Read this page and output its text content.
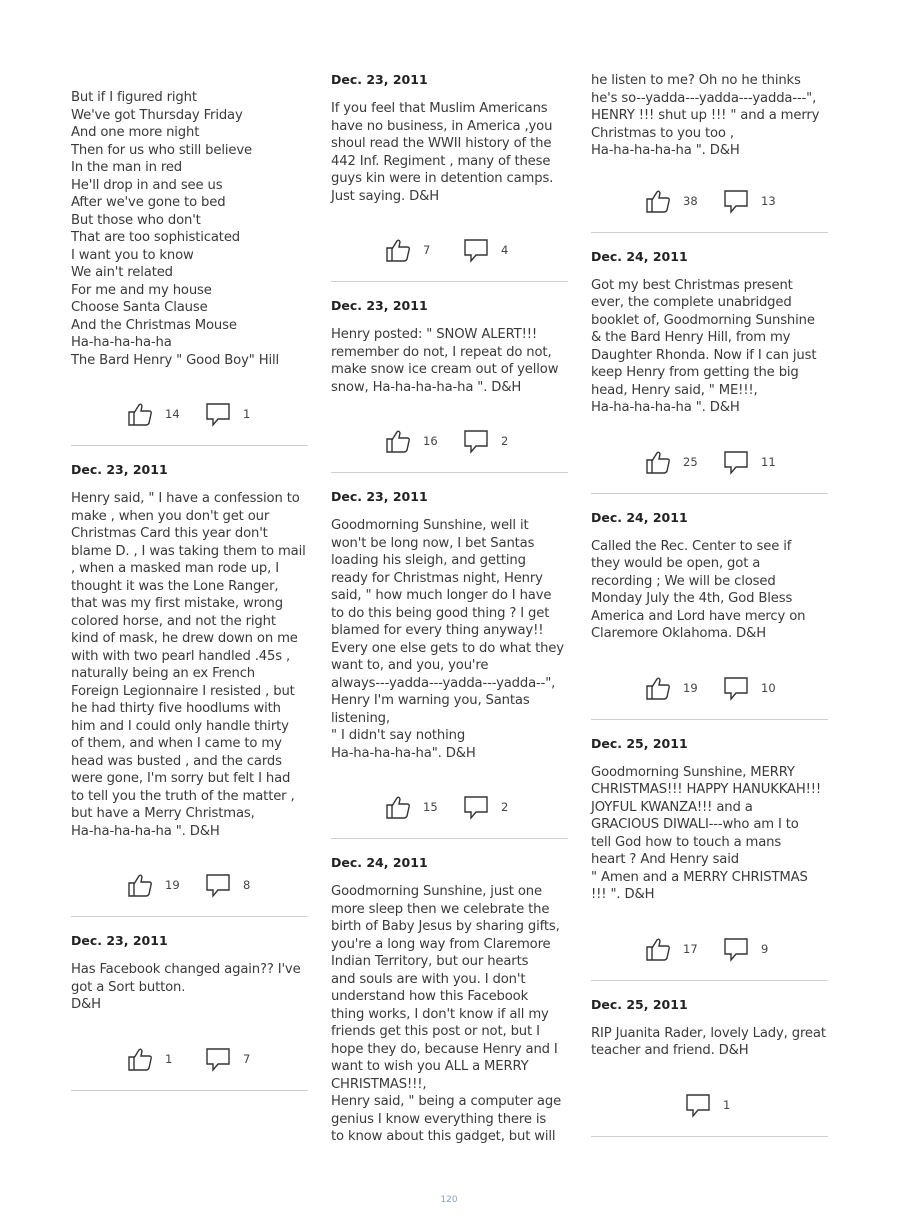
But if I figured right
We've got Thursday Friday
And one more night
Then for us who still believe
In the man in red
He'll drop in and see us
After we've gone to bed
But those who don't
That are too sophisticated
I want you to know
We ain't related
For me and my house
Choose Santa Clause
And the Christmas Mouse
Ha-ha-ha-ha-ha
The Bard Henry " Good Boy" Hill
14	1
Dec. 23, 2011
Henry said, " I have a confession to
make , when you don't get our
Christmas Card this year don't
blame D. , I was taking them to mail
, when a masked man rode up, I
thought it was the Lone Ranger,
that was my first mistake, wrong
colored horse, and not the right
kind of mask, he drew down on me
with with two pearl handled .45s ,
naturally being an ex French
Foreign Legionnaire I resisted , but
he had thirty five hoodlums with
him and I could only handle thirty
of them, and when I came to my
head was busted , and the cards
were gone, I'm sorry but felt I had
to tell you the truth of the matter ,
but have a Merry Christmas,
Ha-ha-ha-ha-ha ". D&H
19	8
Dec. 23, 2011
Has Facebook changed again?? I've
got a Sort button.
D&H
1	7
Dec. 23, 2011
If you feel that Muslim Americans
have no business, in America ,you
shoul read the WWII history of the
442 Inf. Regiment , many of these
guys kin were in detention camps.
Just saying. D&H
7	4
Dec. 23, 2011
Henry posted: " SNOW ALERT!!!
remember do not, I repeat do not,
make snow ice cream out of yellow
snow, Ha-ha-ha-ha-ha ". D&H
16	2
Dec. 23, 2011
Goodmorning Sunshine, well it
won't be long now, I bet Santas
loading his sleigh, and getting
ready for Christmas night, Henry
said, " how much longer do I have
to do this being good thing ? I get
blamed for every thing anyway!!
Every one else gets to do what they
want to, and you, you're
always---yadda---yadda---yadda--",
Henry I'm warning you, Santas
listening,
" I didn't say nothing
Ha-ha-ha-ha-ha". D&H
15	2
Dec. 24, 2011
Goodmorning Sunshine, just one
more sleep then we celebrate the
birth of Baby Jesus by sharing gifts,
you're a long way from Claremore
Indian Territory, but our hearts
and souls are with you. I don't
understand how this Facebook
thing works, I don't know if all my
friends get this post or not, but I
hope they do, because Henry and I
want to wish you ALL a MERRY
CHRISTMAS!!!,
Henry said, " being a computer age
genius I know everything there is
to know about this gadget, but will
he listen to me? Oh no he thinks
he's so--yadda---yadda---yadda---",
HENRY !!! shut up !!! " and a merry
Christmas to you too ,
Ha-ha-ha-ha-ha ". D&H
38	13
Dec. 24, 2011
Got my best Christmas present
ever, the complete unabridged
booklet of, Goodmorning Sunshine
& the Bard Henry Hill, from my
Daughter Rhonda. Now if I can just
keep Henry from getting the big
head, Henry said, " ME!!!,
Ha-ha-ha-ha-ha ". D&H
25	11
Dec. 24, 2011
Called the Rec. Center to see if
they would be open, got a
recording ; We will be closed
Monday July the 4th, God Bless
America and Lord have mercy on
Claremore Oklahoma. D&H
19	10
Dec. 25, 2011
Goodmorning Sunshine, MERRY
CHRISTMAS!!! HAPPY HANUKKAH!!!
JOYFUL KWANZA!!! and a
GRACIOUS DIWALI---who am I to
tell God how to touch a mans
heart ? And Henry said
" Amen and a MERRY CHRISTMAS
!!! ". D&H
17	9
Dec. 25, 2011
RIP Juanita Rader, lovely Lady, great
teacher and friend. D&H
1
120
